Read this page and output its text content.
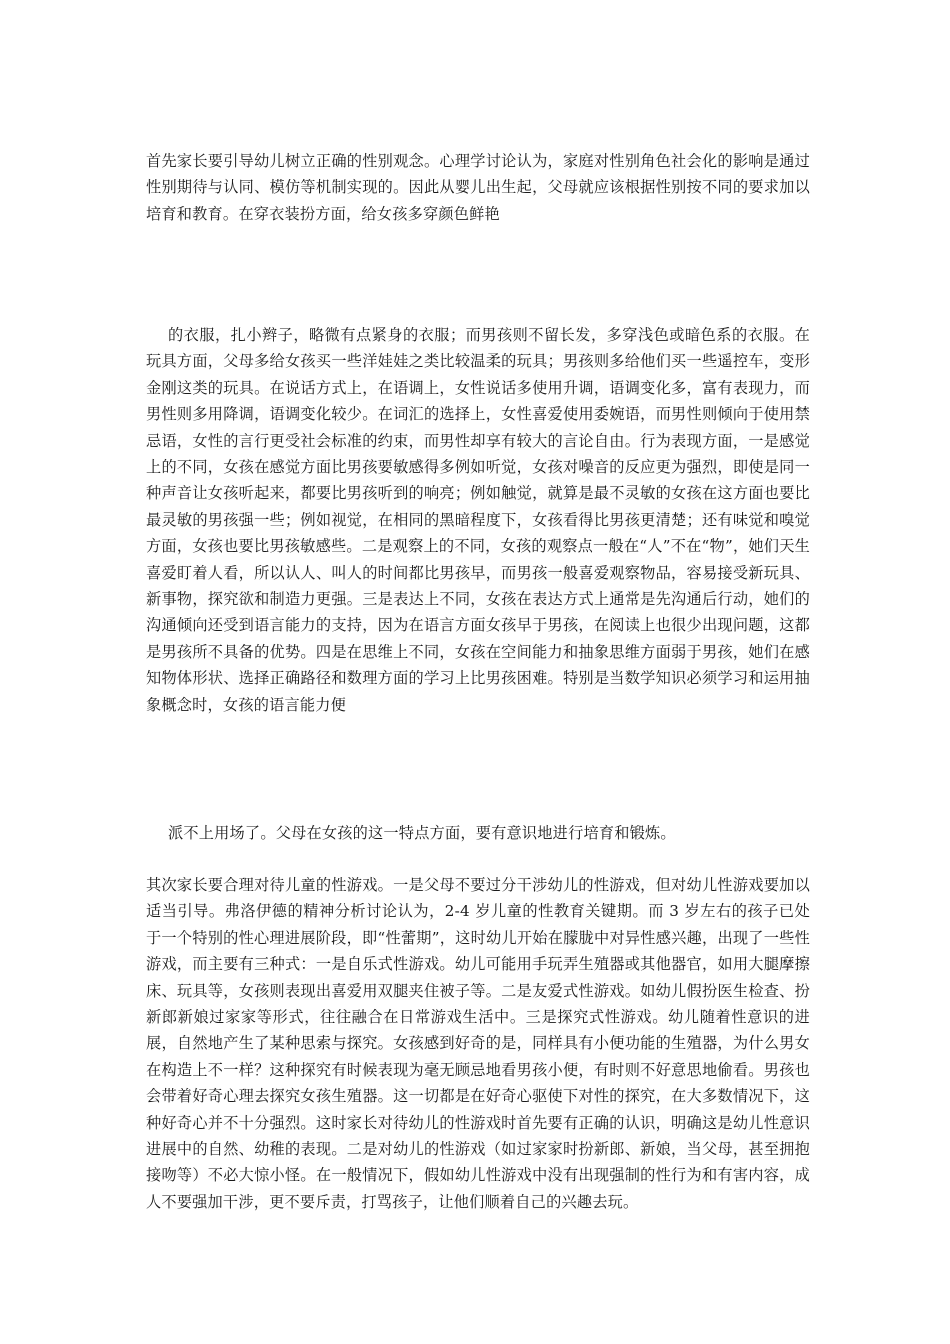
首先家长要引导幼儿树立正确的性别观念。心理学讨论认为，家庭对性别角色社会化的影响是通过性别期待与认同、模仿等机制实现的。因此从婴儿出生起，父母就应该根据性别按不同的要求加以培育和教育。在穿衣装扮方面，给女孩多穿颜色鲜艳

的衣服，扎小辫子，略微有点紧身的衣服；而男孩则不留长发，多穿浅色或暗色系的衣服。在玩具方面，父母多给女孩买一些洋娃娃之类比较温柔的玩具；男孩则多给他们买一些遥控车，变形金刚这类的玩具。在说话方式上，在语调上，女性说话多使用升调，语调变化多，富有表现力，而男性则多用降调，语调变化较少。在词汇的选择上，女性喜爱使用委婉语，而男性则倾向于使用禁忌语，女性的言行更受社会标准的约束，而男性却享有较大的言论自由。行为表现方面，一是感觉上的不同，女孩在感觉方面比男孩要敏感得多例如听觉，女孩对噪音的反应更为强烈，即使是同一种声音让女孩听起来，都要比男孩听到的响亮；例如触觉，就算是最不灵敏的女孩在这方面也要比最灵敏的男孩强一些；例如视觉，在相同的黑暗程度下，女孩看得比男孩更清楚；还有味觉和嗅觉方面，女孩也要比男孩敏感些。二是观察上的不同，女孩的观察点一般在“人”不在“物”，她们天生喜爱盯着人看，所以认人、叫人的时间都比男孩早，而男孩一般喜爱观察物品，容易接受新玩具、新事物，探究欲和制造力更强。三是表达上不同，女孩在表达方式上通常是先沟通后行动，她们的沟通倾向还受到语言能力的支持，因为在语言方面女孩早于男孩，在阅读上也很少出现问题，这都是男孩所不具备的优势。四是在思维上不同，女孩在空间能力和抽象思维方面弱于男孩，她们在感知物体形状、选择正确路径和数理方面的学习上比男孩困难。特别是当数学知识必须学习和运用抽象概念时，女孩的语言能力便

派不上用场了。父母在女孩的这一特点方面，要有意识地进行培育和锻炼。

其次家长要合理对待儿童的性游戏。一是父母不要过分干涉幼儿的性游戏，但对幼儿性游戏要加以适当引导。弗洛伊德的精神分析讨论认为，2-4 岁儿童的性教育关键期。而 3 岁左右的孩子已处于一个特别的性心理进展阶段，即“性蕾期”，这时幼儿开始在朦胧中对异性感兴趣，出现了一些性游戏，而主要有三种式：一是自乐式性游戏。幼儿可能用手玩弄生殖器或其他器官，如用大腿摩擦床、玩具等，女孩则表现出喜爱用双腿夹住被子等。二是友爱式性游戏。如幼儿假扮医生检查、扮新郎新娘过家家等形式，往往融合在日常游戏生活中。三是探究式性游戏。幼儿随着性意识的进展，自然地产生了某种思索与探究。女孩感到好奇的是，同样具有小便功能的生殖器，为什么男女在构造上不一样？这种探究有时候表现为毫无顾忌地看男孩小便，有时则不好意思地偷看。男孩也会带着好奇心理去探究女孩生殖器。这一切都是在好奇心驱使下对性的探究，在大多数情况下，这种好奇心并不十分强烈。这时家长对待幼儿的性游戏时首先要有正确的认识，明确这是幼儿性意识进展中的自然、幼稚的表现。二是对幼儿的性游戏（如过家家时扮新郎、新娘，当父母，甚至拥抱接吻等）不必大惊小怪。在一般情况下，假如幼儿性游戏中没有出现强制的性行为和有害内容，成人不要强加干涉，更不要斥责，打骂孩子，让他们顺着自己的兴趣去玩。
